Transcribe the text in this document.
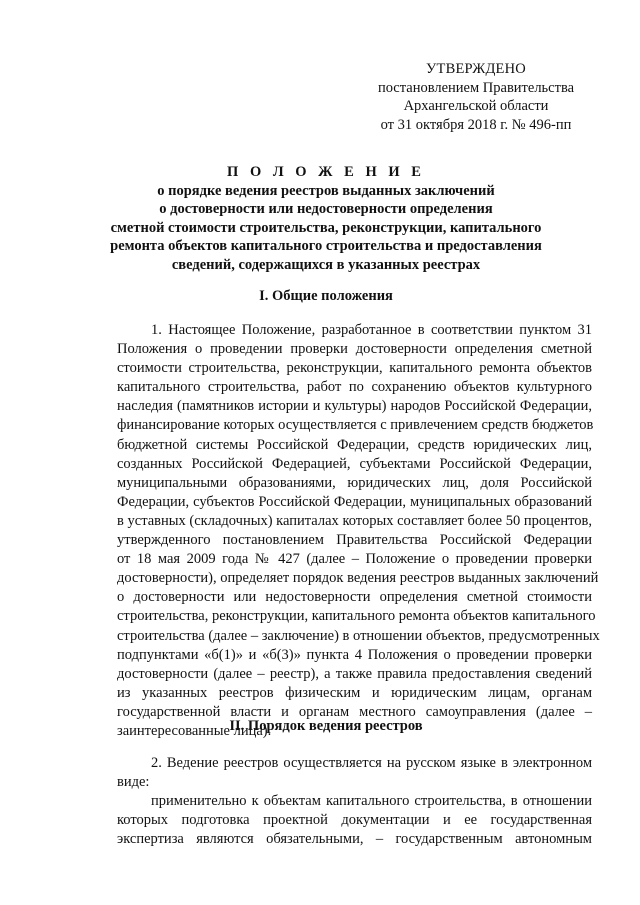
УТВЕРЖДЕНО
постановлением Правительства
Архангельской области
от 31 октября 2018 г. № 496-пп
П О Л О Ж Е Н И Е
о порядке ведения реестров выданных заключений
о достоверности или недостоверности определения
сметной стоимости строительства, реконструкции, капитального
ремонта объектов капитального строительства и предоставления
сведений, содержащихся в указанных реестрах
I. Общие положения
1. Настоящее Положение, разработанное в соответствии пунктом 31
Положения о проведении проверки достоверности определения сметной
стоимости строительства, реконструкции, капитального ремонта объектов
капитального строительства, работ по сохранению объектов культурного
наследия (памятников истории и культуры) народов Российской Федерации,
финансирование которых осуществляется с привлечением средств бюджетов
бюджетной системы Российской Федерации, средств юридических лиц,
созданных Российской Федерацией, субъектами Российской Федерации,
муниципальными образованиями, юридических лиц, доля Российской
Федерации, субъектов Российской Федерации, муниципальных образований
в уставных (складочных) капиталах которых составляет более 50 процентов,
утвержденного постановлением Правительства Российской Федерации
от 18 мая 2009 года № 427 (далее – Положение о проведении проверки
достоверности), определяет порядок ведения реестров выданных заключений
о достоверности или недостоверности определения сметной стоимости
строительства, реконструкции, капитального ремонта объектов капитального
строительства (далее – заключение) в отношении объектов, предусмотренных
подпунктами «б(1)» и «б(3)» пункта 4 Положения о проведении проверки
достоверности (далее – реестр), а также правила предоставления сведений
из указанных реестров физическим и юридическим лицам, органам
государственной власти и органам местного самоуправления (далее –
заинтересованные лица).
II. Порядок ведения реестров
2. Ведение реестров осуществляется на русском языке в электронном
виде:
применительно к объектам капитального строительства, в отношении
которых подготовка проектной документации и ее государственная
экспертиза являются обязательными, – государственным автономным
